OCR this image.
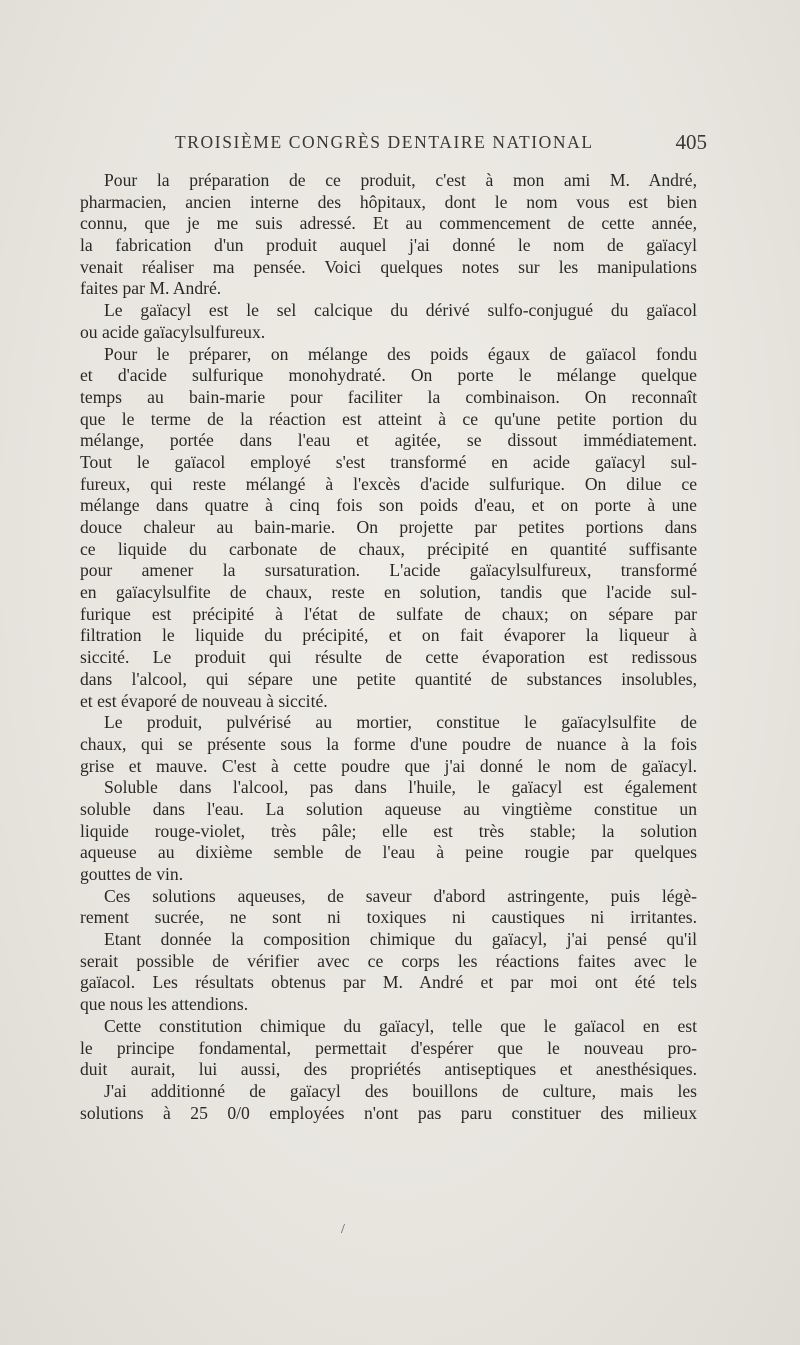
TROISIÈME CONGRÈS DENTAIRE NATIONAL	405
Pour la préparation de ce produit, c'est à mon ami M. André,
pharmacien, ancien interne des hôpitaux, dont le nom vous est bien
connu, que je me suis adressé. Et au commencement de cette année,
la fabrication d'un produit auquel j'ai donné le nom de gaïacyl
venait réaliser ma pensée. Voici quelques notes sur les manipulations
faites par M. André.
Le gaïacyl est le sel calcique du dérivé sulfo-conjugué du gaïacol
ou acide gaïacylsulfureux.
Pour le préparer, on mélange des poids égaux de gaïacol fondu
et d'acide sulfurique monohydraté. On porte le mélange quelque
temps au bain-marie pour faciliter la combinaison. On reconnaît
que le terme de la réaction est atteint à ce qu'une petite portion du
mélange, portée dans l'eau et agitée, se dissout immédiatement.
Tout le gaïacol employé s'est transformé en acide gaïacyl sul-
fureux, qui reste mélangé à l'excès d'acide sulfurique. On dilue ce
mélange dans quatre à cinq fois son poids d'eau, et on porte à une
douce chaleur au bain-marie. On projette par petites portions dans
ce liquide du carbonate de chaux, précipité en quantité suffisante
pour amener la sursaturation. L'acide gaïacylsulfureux, transformé
en gaïacylsulfite de chaux, reste en solution, tandis que l'acide sul-
furique est précipité à l'état de sulfate de chaux; on sépare par
filtration le liquide du précipité, et on fait évaporer la liqueur à
siccité. Le produit qui résulte de cette évaporation est redissous
dans l'alcool, qui sépare une petite quantité de substances insolubles,
et est évaporé de nouveau à siccité.
Le produit, pulvérisé au mortier, constitue le gaïacylsulfite de
chaux, qui se présente sous la forme d'une poudre de nuance à la fois
grise et mauve. C'est à cette poudre que j'ai donné le nom de gaïacyl.
Soluble dans l'alcool, pas dans l'huile, le gaïacyl est également
soluble dans l'eau. La solution aqueuse au vingtième constitue un
liquide rouge-violet, très pâle; elle est très stable; la solution
aqueuse au dixième semble de l'eau à peine rougie par quelques
gouttes de vin.
Ces solutions aqueuses, de saveur d'abord astringente, puis légè-
rement sucrée, ne sont ni toxiques ni caustiques ni irritantes.
Etant donnée la composition chimique du gaïacyl, j'ai pensé qu'il
serait possible de vérifier avec ce corps les réactions faites avec le
gaïacol. Les résultats obtenus par M. André et par moi ont été tels
que nous les attendions.
Cette constitution chimique du gaïacyl, telle que le gaïacol en est
le principe fondamental, permettait d'espérer que le nouveau pro-
duit aurait, lui aussi, des propriétés antiseptiques et anesthésiques.
J'ai additionné de gaïacyl des bouillons de culture, mais les
solutions à 25 0/0 employées n'ont pas paru constituer des milieux
/
